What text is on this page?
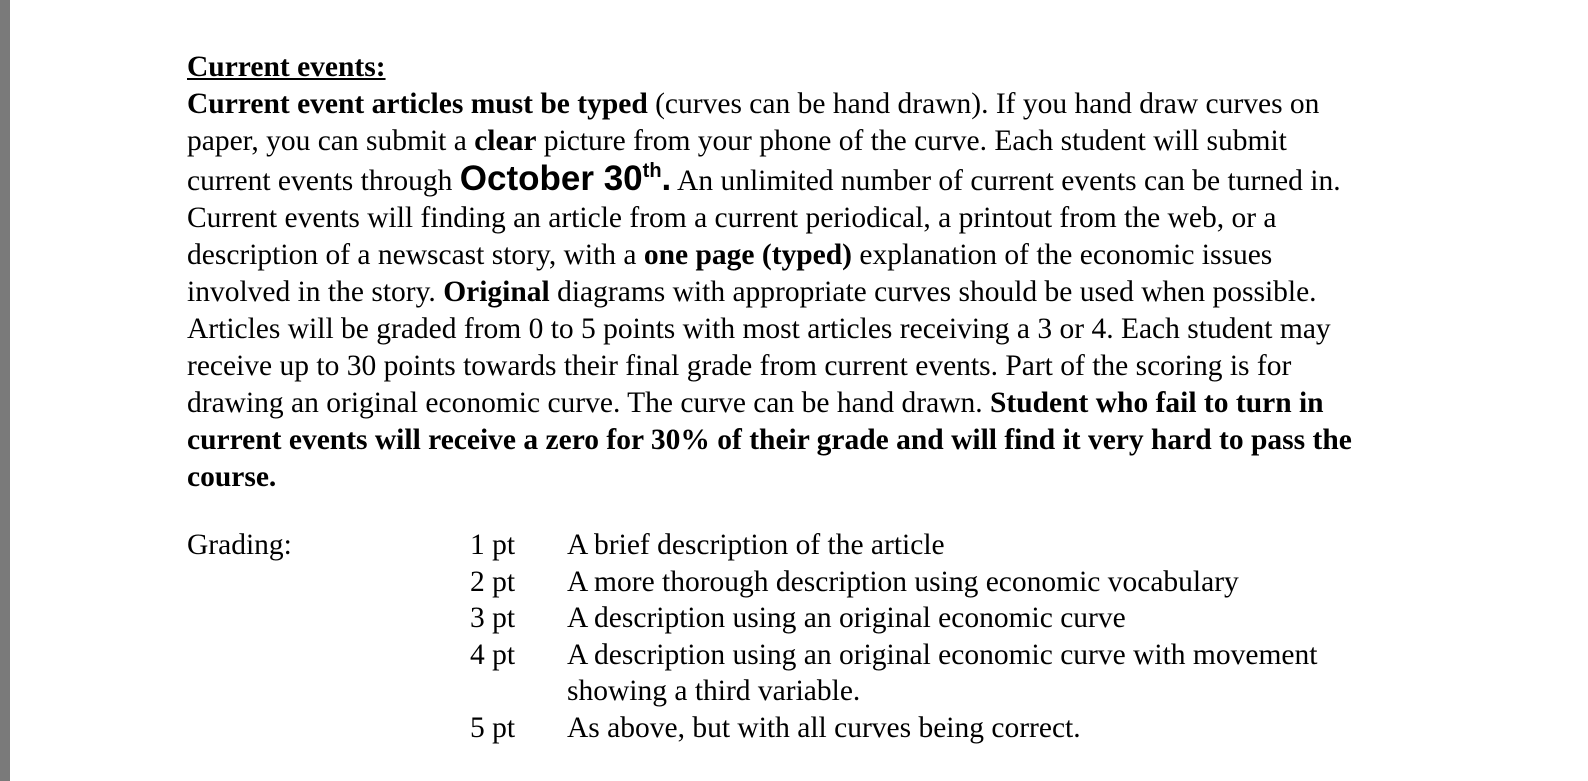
Current events:
Current event articles must be typed (curves can be hand drawn). If you hand draw curves on
paper, you can submit a clear picture from your phone of the curve. Each student will submit
current events through October 30th. An unlimited number of current events can be turned in.
Current events will finding an article from a current periodical, a printout from the web, or a
description of a newscast story, with a one page (typed) explanation of the economic issues
involved in the story. Original diagrams with appropriate curves should be used when possible.
Articles will be graded from 0 to 5 points with most articles receiving a 3 or 4. Each student may
receive up to 30 points towards their final grade from current events. Part of the scoring is for
drawing an original economic curve. The curve can be hand drawn. Student who fail to turn in
current events will receive a zero for 30% of their grade and will find it very hard to pass the
course.
Grading:	1 pt A brief description of the article
2 pt A more thorough description using economic vocabulary
3 pt A description using an original economic curve
4 pt A description using an original economic curve with movement
showing a third variable.
5 pt As above, but with all curves being correct.
